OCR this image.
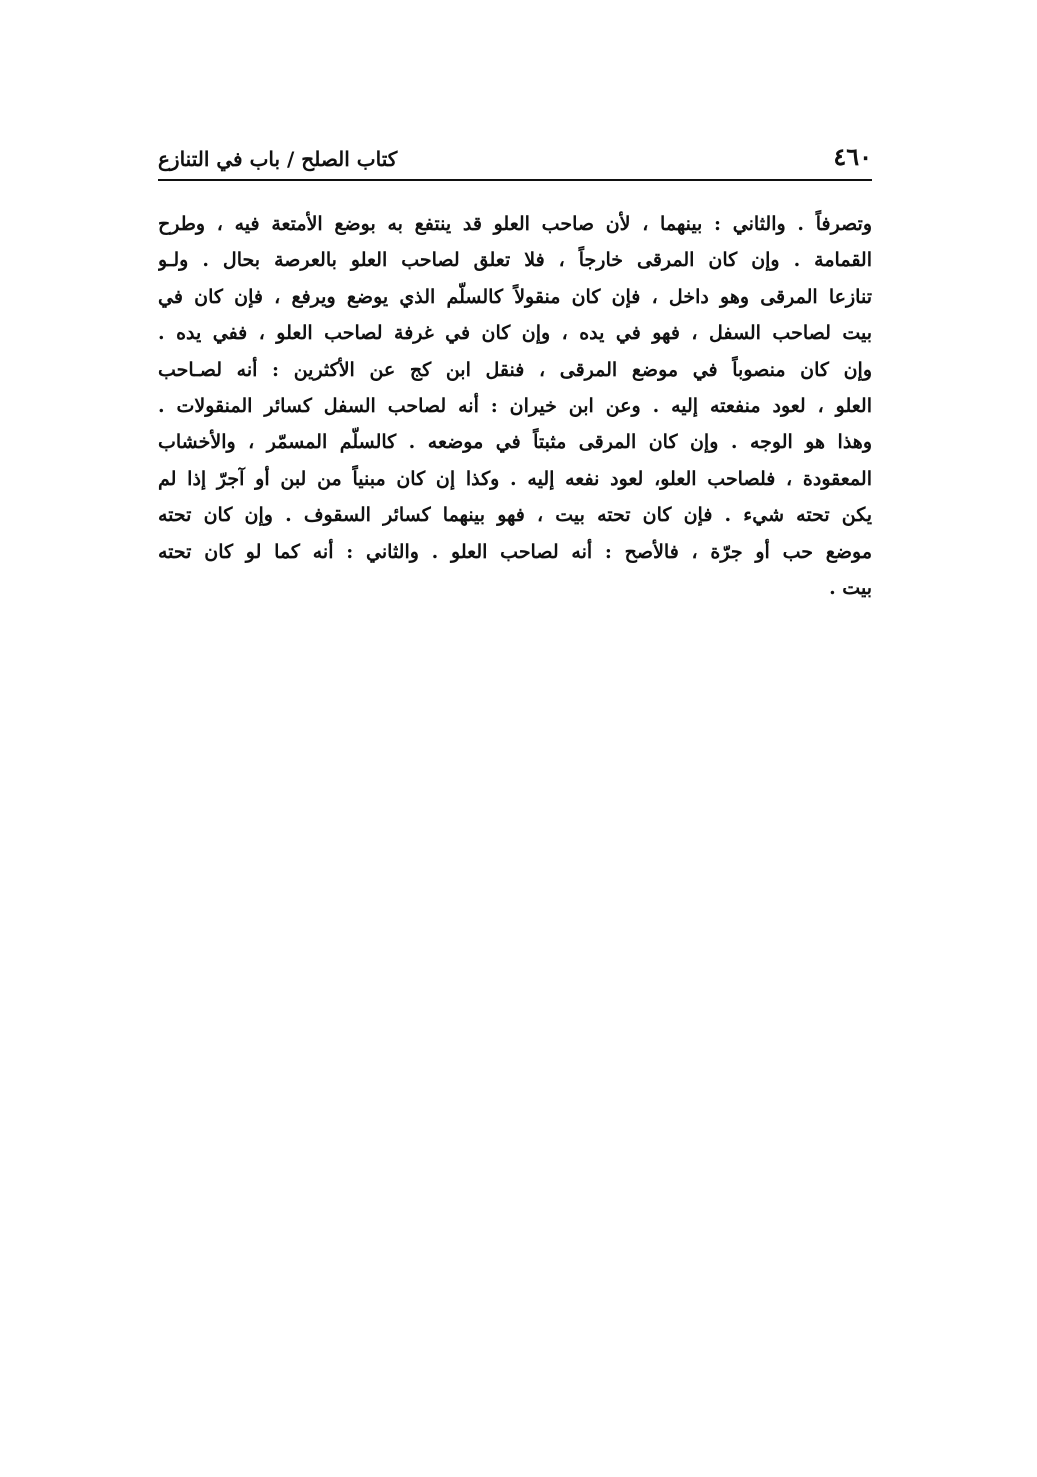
٤٦٠
كتاب الصلح / باب في التنازع
وتصرفاً . والثاني : بينهما ، لأن صاحب العلو قد ينتفع به بوضع الأمتعة فيه ، وطرح
القمامة . وإن كان المرقى خارجاً ، فلا تعلق لصاحب العلو بالعرصة بحال . ولـو
تنازعا المرقى وهو داخل ، فإن كان منقولاً كالسلّم الذي يوضع ويرفع ، فإن كان في
بيت لصاحب السفل ، فهو في يده ، وإن كان في غرفة لصاحب العلو ، ففي يده .
وإن كان منصوباً في موضع المرقى ، فنقل ابن كج عن الأكثرين : أنه لصـاحب
العلو ، لعود منفعته إليه . وعن ابن خيران : أنه لصاحب السفل كسائر المنقولات .
وهذا هو الوجه . وإن كان المرقى مثبتاً في موضعه . كالسلّم المسمّر ، والأخشاب
المعقودة ، فلصاحب العلو، لعود نفعه إليه . وكذا إن كان مبنياً من لبن أو آجرّ إذا لم
يكن تحته شيء . فإن كان تحته بيت ، فهو بينهما كسائر السقوف . وإن كان تحته
موضع حب أو جرّة ، فالأصح : أنه لصاحب العلو . والثاني : أنه كما لو كان تحته
بيت .
